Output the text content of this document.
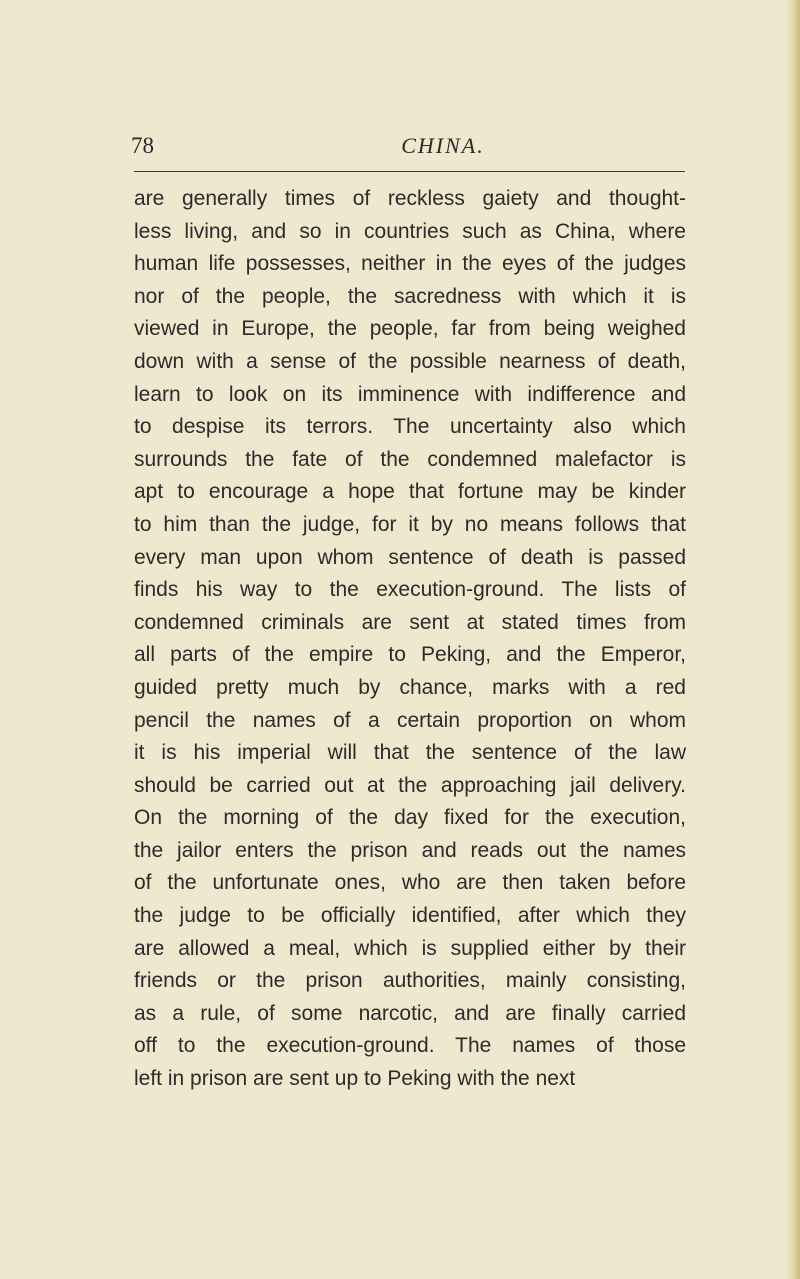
78	CHINA.
are generally times of reckless gaiety and thought-
less living, and so in countries such as China, where
human life possesses, neither in the eyes of the judges
nor of the people, the sacredness with which it is
viewed in Europe, the people, far from being weighed
down with a sense of the possible nearness of death,
learn to look on its imminence with indifference and
to despise its terrors. The uncertainty also which
surrounds the fate of the condemned malefactor is
apt to encourage a hope that fortune may be kinder
to him than the judge, for it by no means follows that
every man upon whom sentence of death is passed
finds his way to the execution-ground. The lists of
condemned criminals are sent at stated times from
all parts of the empire to Peking, and the Emperor,
guided pretty much by chance, marks with a red
pencil the names of a certain proportion on whom
it is his imperial will that the sentence of the law
should be carried out at the approaching jail delivery.
On the morning of the day fixed for the execution,
the jailor enters the prison and reads out the names
of the unfortunate ones, who are then taken before
the judge to be officially identified, after which they
are allowed a meal, which is supplied either by their
friends or the prison authorities, mainly consisting,
as a rule, of some narcotic, and are finally carried
off to the execution-ground. The names of those
left in prison are sent up to Peking with the next
